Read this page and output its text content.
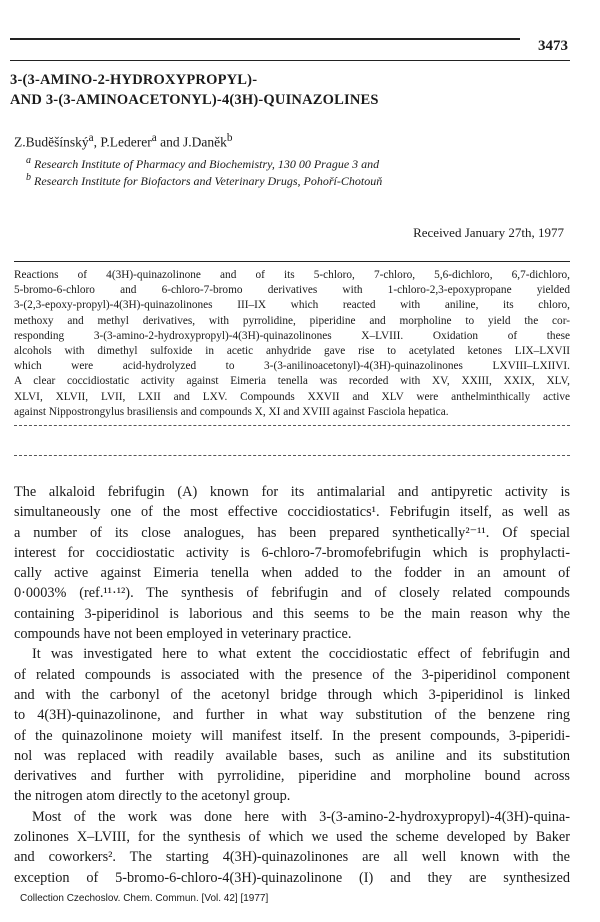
3473
3-(3-AMINO-2-HYDROXYPROPYL)-
AND 3-(3-AMINOACETONYL)-4(3H)-QUINAZOLINES
Z.Budĕšínský$^a$, P.Lederer$^a$ and J.Daněk$^b$
$^a$ Research Institute of Pharmacy and Biochemistry, 130 00 Prague 3 and
$^b$ Research Institute for Biofactors and Veterinary Drugs, Pohoří-Chotouň
Received January 27th, 1977
Reactions of 4(3H)-quinazolinone and of its 5-chloro, 7-chloro, 5,6-dichloro, 6,7-dichloro,
5-bromo-6-chloro and 6-chloro-7-bromo derivatives with 1-chloro-2,3-epoxypropane yielded
3-(2,3-epoxy-propyl)-4(3H)-quinazolinones III–IX which reacted with aniline, its chloro,
methoxy and methyl derivatives, with pyrrolidine, piperidine and morpholine to yield the cor-
responding 3-(3-amino-2-hydroxypropyl)-4(3H)-quinazolinones X–LVIII. Oxidation of these
alcohols with dimethyl sulfoxide in acetic anhydride gave rise to acetylated ketones LIX–LXVII
which were acid-hydrolyzed to 3-(3-anilinoacetonyl)-4(3H)-quinazolinones LXVIII–LXIIVI.
A clear coccidiostatic activity against Eimeria tenella was recorded with XV, XXIII, XXIX, XLV,
XLVI, XLVII, LVII, LXII and LXV. Compounds XXVII and XLV were anthelminthically active
against Nippostrongylus brasiliensis and compounds X, XI and XVIII against Fasciola hepatica.
The alkaloid febrifugin (A) known for its antimalarial and antipyretic activity is
simultaneously one of the most effective coccidiostatics¹. Febrifugin itself, as well as
a number of its close analogues, has been prepared synthetically²⁻¹¹. Of special
interest for coccidiostatic activity is 6-chloro-7-bromofebrifugin which is prophylacti-
cally active against Eimeria tenella when added to the fodder in an amount of
0·0003% (ref.¹¹·¹²). The synthesis of febrifugin and of closely related compounds
containing 3-piperidinol is laborious and this seems to be the main reason why the
compounds have not been employed in veterinary practice.
It was investigated here to what extent the coccidiostatic effect of febrifugin and
of related compounds is associated with the presence of the 3-piperidinol component
and with the carbonyl of the acetonyl bridge through which 3-piperidinol is linked
to 4(3H)-quinazolinone, and further in what way substitution of the benzene ring
of the quinazolinone moiety will manifest itself. In the present compounds, 3-piperidi-
nol was replaced with readily available bases, such as aniline and its substitution
derivatives and further with pyrrolidine, piperidine and morpholine bound across
the nitrogen atom directly to the acetonyl group.
Most of the work was done here with 3-(3-amino-2-hydroxypropyl)-4(3H)-quina-
zolinones X–LVIII, for the synthesis of which we used the scheme developed by Baker
and coworkers². The starting 4(3H)-quinazolinones are all well known with the
exception of 5-bromo-6-chloro-4(3H)-quinazolinone (I) and they are synthesized
Collection Czechoslov. Chem. Commun. [Vol. 42] [1977]
